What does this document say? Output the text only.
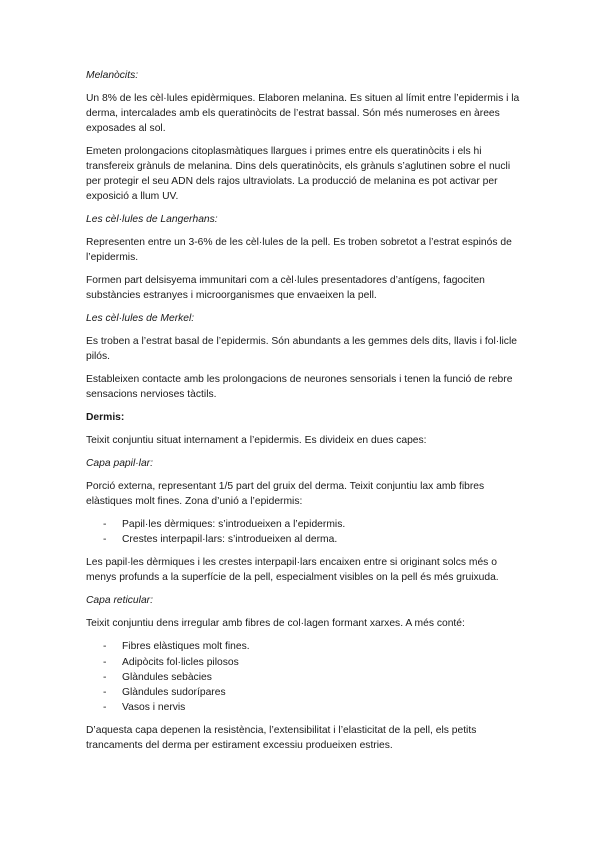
Melanòcits:

Un 8% de les cèl·lules epidèrmiques. Elaboren melanina. Es situen al límit entre l’epidermis i la derma, intercalades amb els queratinòcits de l’estrat bassal. Són més numeroses en àrees exposades al sol.

Emeten prolongacions citoplasmàtiques llargues i primes entre els queratinòcits i els hi transfereix grànuls de melanina. Dins dels queratinòcits, els grànuls s’aglutinen sobre el nucli per protegir el seu ADN dels rajos ultraviolats. La producció de melanina es pot activar per exposició a llum UV.

Les cèl·lules de Langerhans:

Representen entre un 3-6% de les cèl·lules de la pell. Es troben sobretot a l’estrat espinós de l’epidermis.

Formen part delsisyema immunitari com a cèl·lules presentadores d’antígens, fagociten substàncies estranyes i microorganismes que envaeixen la pell.

Les cèl·lules de Merkel:

Es troben a l’estrat basal de l’epidermis. Són abundants a les gemmes dels dits, llavis i fol·licle pilós.

Estableixen contacte amb les prolongacions de neurones sensorials i tenen la funció de rebre sensacions nervioses tàctils.

Dermis:

Teixit conjuntiu situat internament a l’epidermis. Es divideix en dues capes:

Capa papil·lar:

Porció externa, representant 1/5 part del gruix del derma. Teixit conjuntiu lax amb fibres elàstiques molt fines. Zona d’unió a l’epidermis:

- Papil·les dèrmiques: s’introdueixen a l’epidermis.
- Crestes interpapil·lars: s’introdueixen al derma.

Les papil·les dèrmiques i les crestes interpapil·lars encaixen entre si originant solcs més o menys profunds a la superfície de la pell, especialment visibles on la pell és més gruixuda.

Capa reticular:

Teixit conjuntiu dens irregular amb fibres de col·lagen formant xarxes. A més conté:

- Fibres elàstiques molt fines.
- Adipòcits fol·licles pilosos
- Glàndules sebàcies
- Glàndules sudorípares
- Vasos i nervis

D’aquesta capa depenen la resistència, l’extensibilitat i l’elasticitat de la pell, els petits trancaments del derma per estirament excessiu produeixen estries.
